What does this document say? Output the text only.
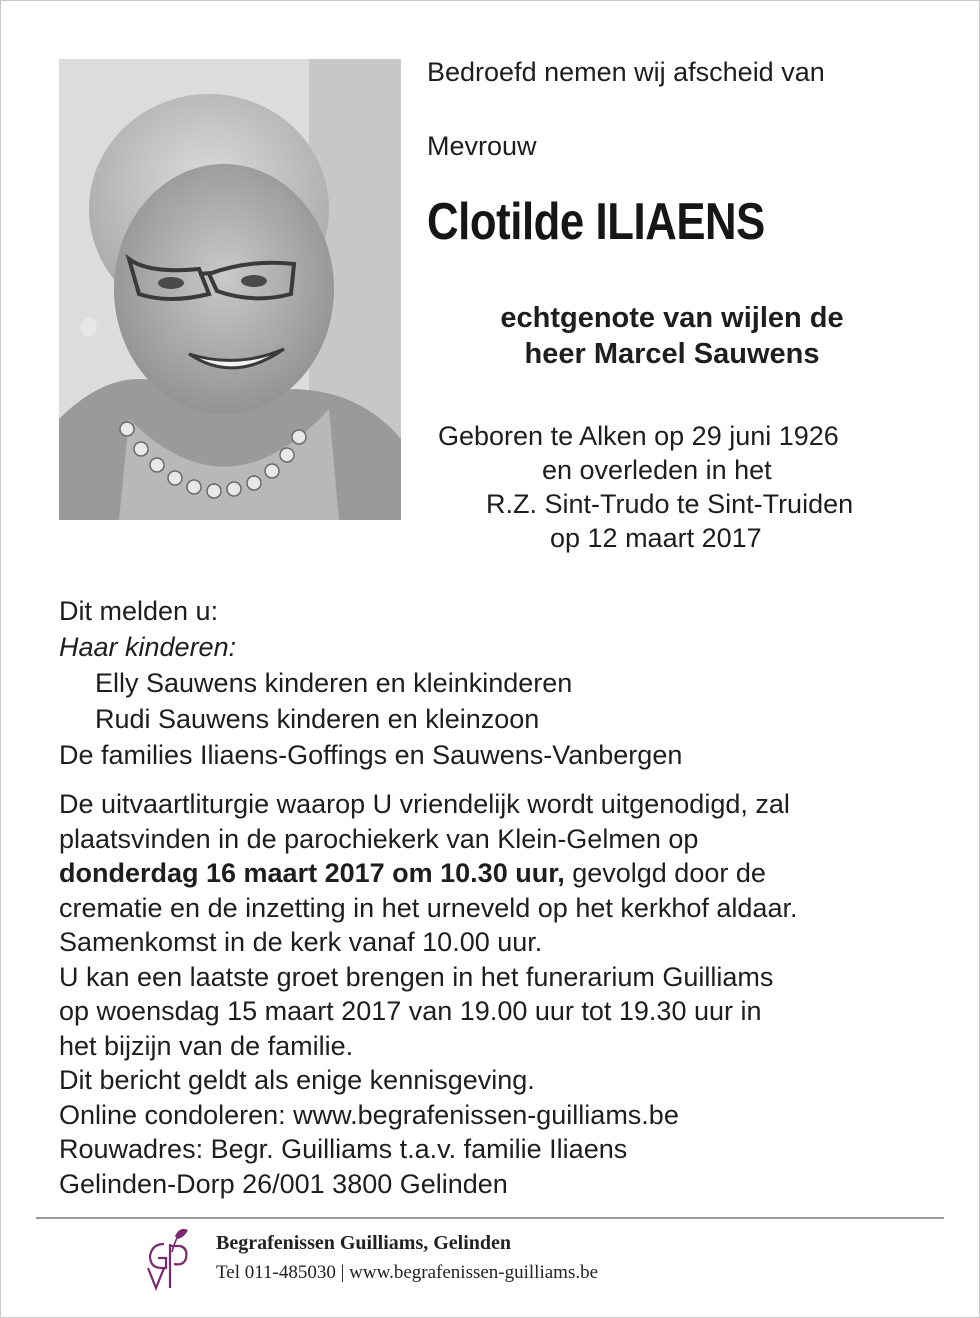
Bedroefd nemen wij afscheid van
Mevrouw
Clotilde ILIAENS
echtgenote van wijlen de
heer Marcel Sauwens
Geboren te Alken op 29 juni 1926
en overleden in het
R.Z. Sint-Trudo te Sint-Truiden
op 12 maart 2017
Dit melden u:
Haar kinderen:
Elly Sauwens kinderen en kleinkinderen
Rudi Sauwens kinderen en kleinzoon
De families Iliaens-Goffings en Sauwens-Vanbergen
De uitvaartliturgie waarop U vriendelijk wordt uitgenodigd, zal
plaatsvinden in de parochiekerk van Klein-Gelmen op
donderdag 16 maart 2017 om 10.30 uur, gevolgd door de
crematie en de inzetting in het urneveld op het kerkhof aldaar.
Samenkomst in de kerk vanaf 10.00 uur.
U kan een laatste groet brengen in het funerarium Guilliams
op woensdag 15 maart 2017 van 19.00 uur tot 19.30 uur in
het bijzijn van de familie.
Dit bericht geldt als enige kennisgeving.
Online condoleren: www.begrafenissen-guilliams.be
Rouwadres: Begr. Guilliams t.a.v. familie Iliaens
Gelinden-Dorp 26/001 3800 Gelinden
Begrafenissen Guilliams, Gelinden
Tel 011-485030 | www.begrafenissen-guilliams.be
